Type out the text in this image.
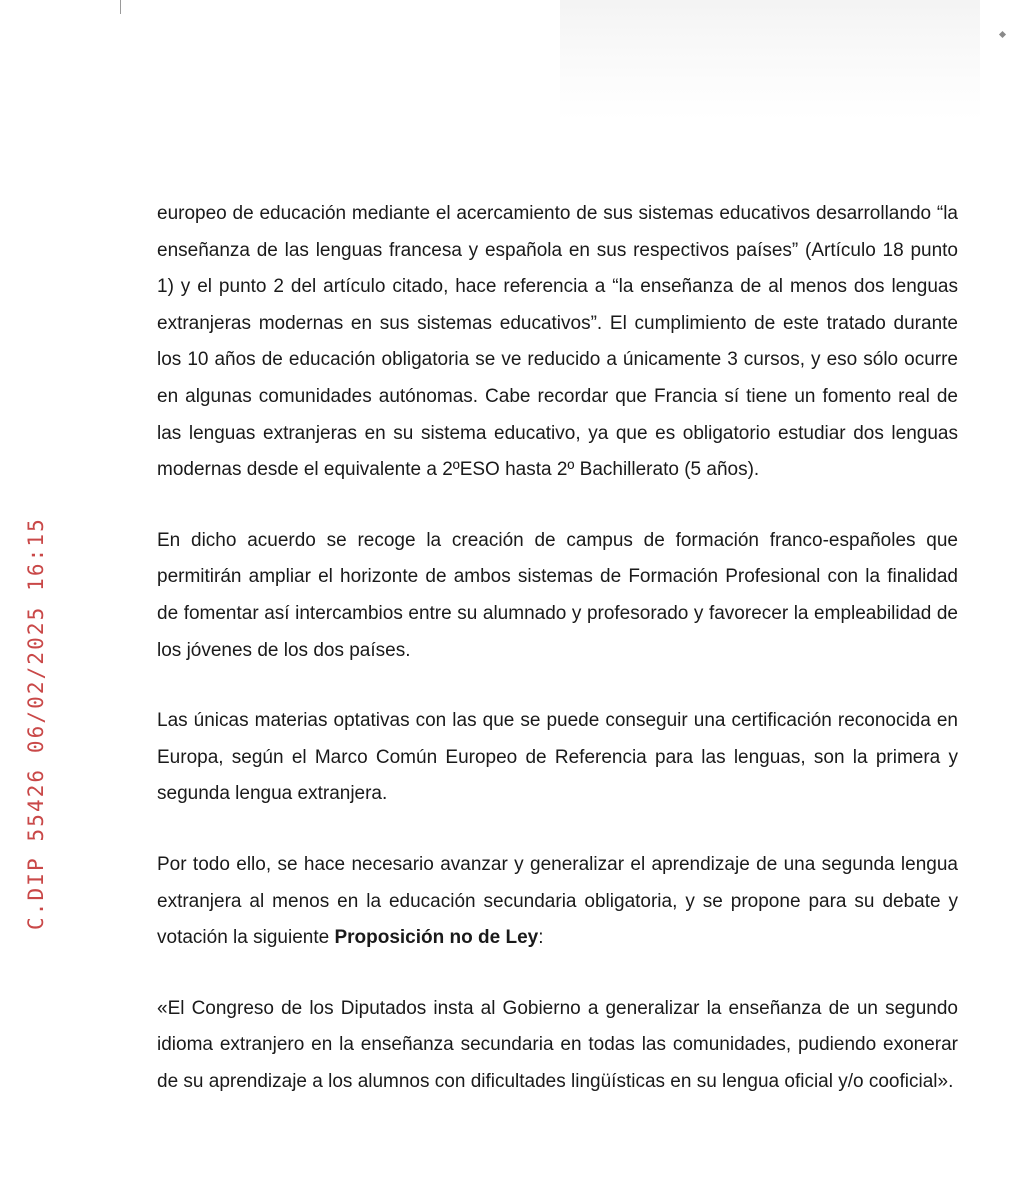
C.DIP 55426 06/02/2025 16:15

europeo de educación mediante el acercamiento de sus sistemas educativos desarrollando “la enseñanza de las lenguas francesa y española en sus respectivos países” (Artículo 18 punto 1) y el punto 2 del artículo citado, hace referencia a “la enseñanza de al menos dos lenguas extranjeras modernas en sus sistemas educativos”. El cumplimiento de este tratado durante los 10 años de educación obligatoria se ve reducido a únicamente 3 cursos, y eso sólo ocurre en algunas comunidades autónomas. Cabe recordar que Francia sí tiene un fomento real de las lenguas extranjeras en su sistema educativo, ya que es obligatorio estudiar dos lenguas modernas desde el equivalente a 2ºESO hasta 2º Bachillerato (5 años).

En dicho acuerdo se recoge la creación de campus de formación franco-españoles que permitirán ampliar el horizonte de ambos sistemas de Formación Profesional con la finalidad de fomentar así intercambios entre su alumnado y profesorado y favorecer la empleabilidad de los jóvenes de los dos países.

Las únicas materias optativas con las que se puede conseguir una certificación reconocida en Europa, según el Marco Común Europeo de Referencia para las lenguas, son la primera y segunda lengua extranjera.

Por todo ello, se hace necesario avanzar y generalizar el aprendizaje de una segunda lengua extranjera al menos en la educación secundaria obligatoria, y se propone para su debate y votación la siguiente Proposición no de Ley:

«El Congreso de los Diputados insta al Gobierno a generalizar la enseñanza de un segundo idioma extranjero en la enseñanza secundaria en todas las comunidades, pudiendo exonerar de su aprendizaje a los alumnos con dificultades lingüísticas en su lengua oficial y/o cooficial».
